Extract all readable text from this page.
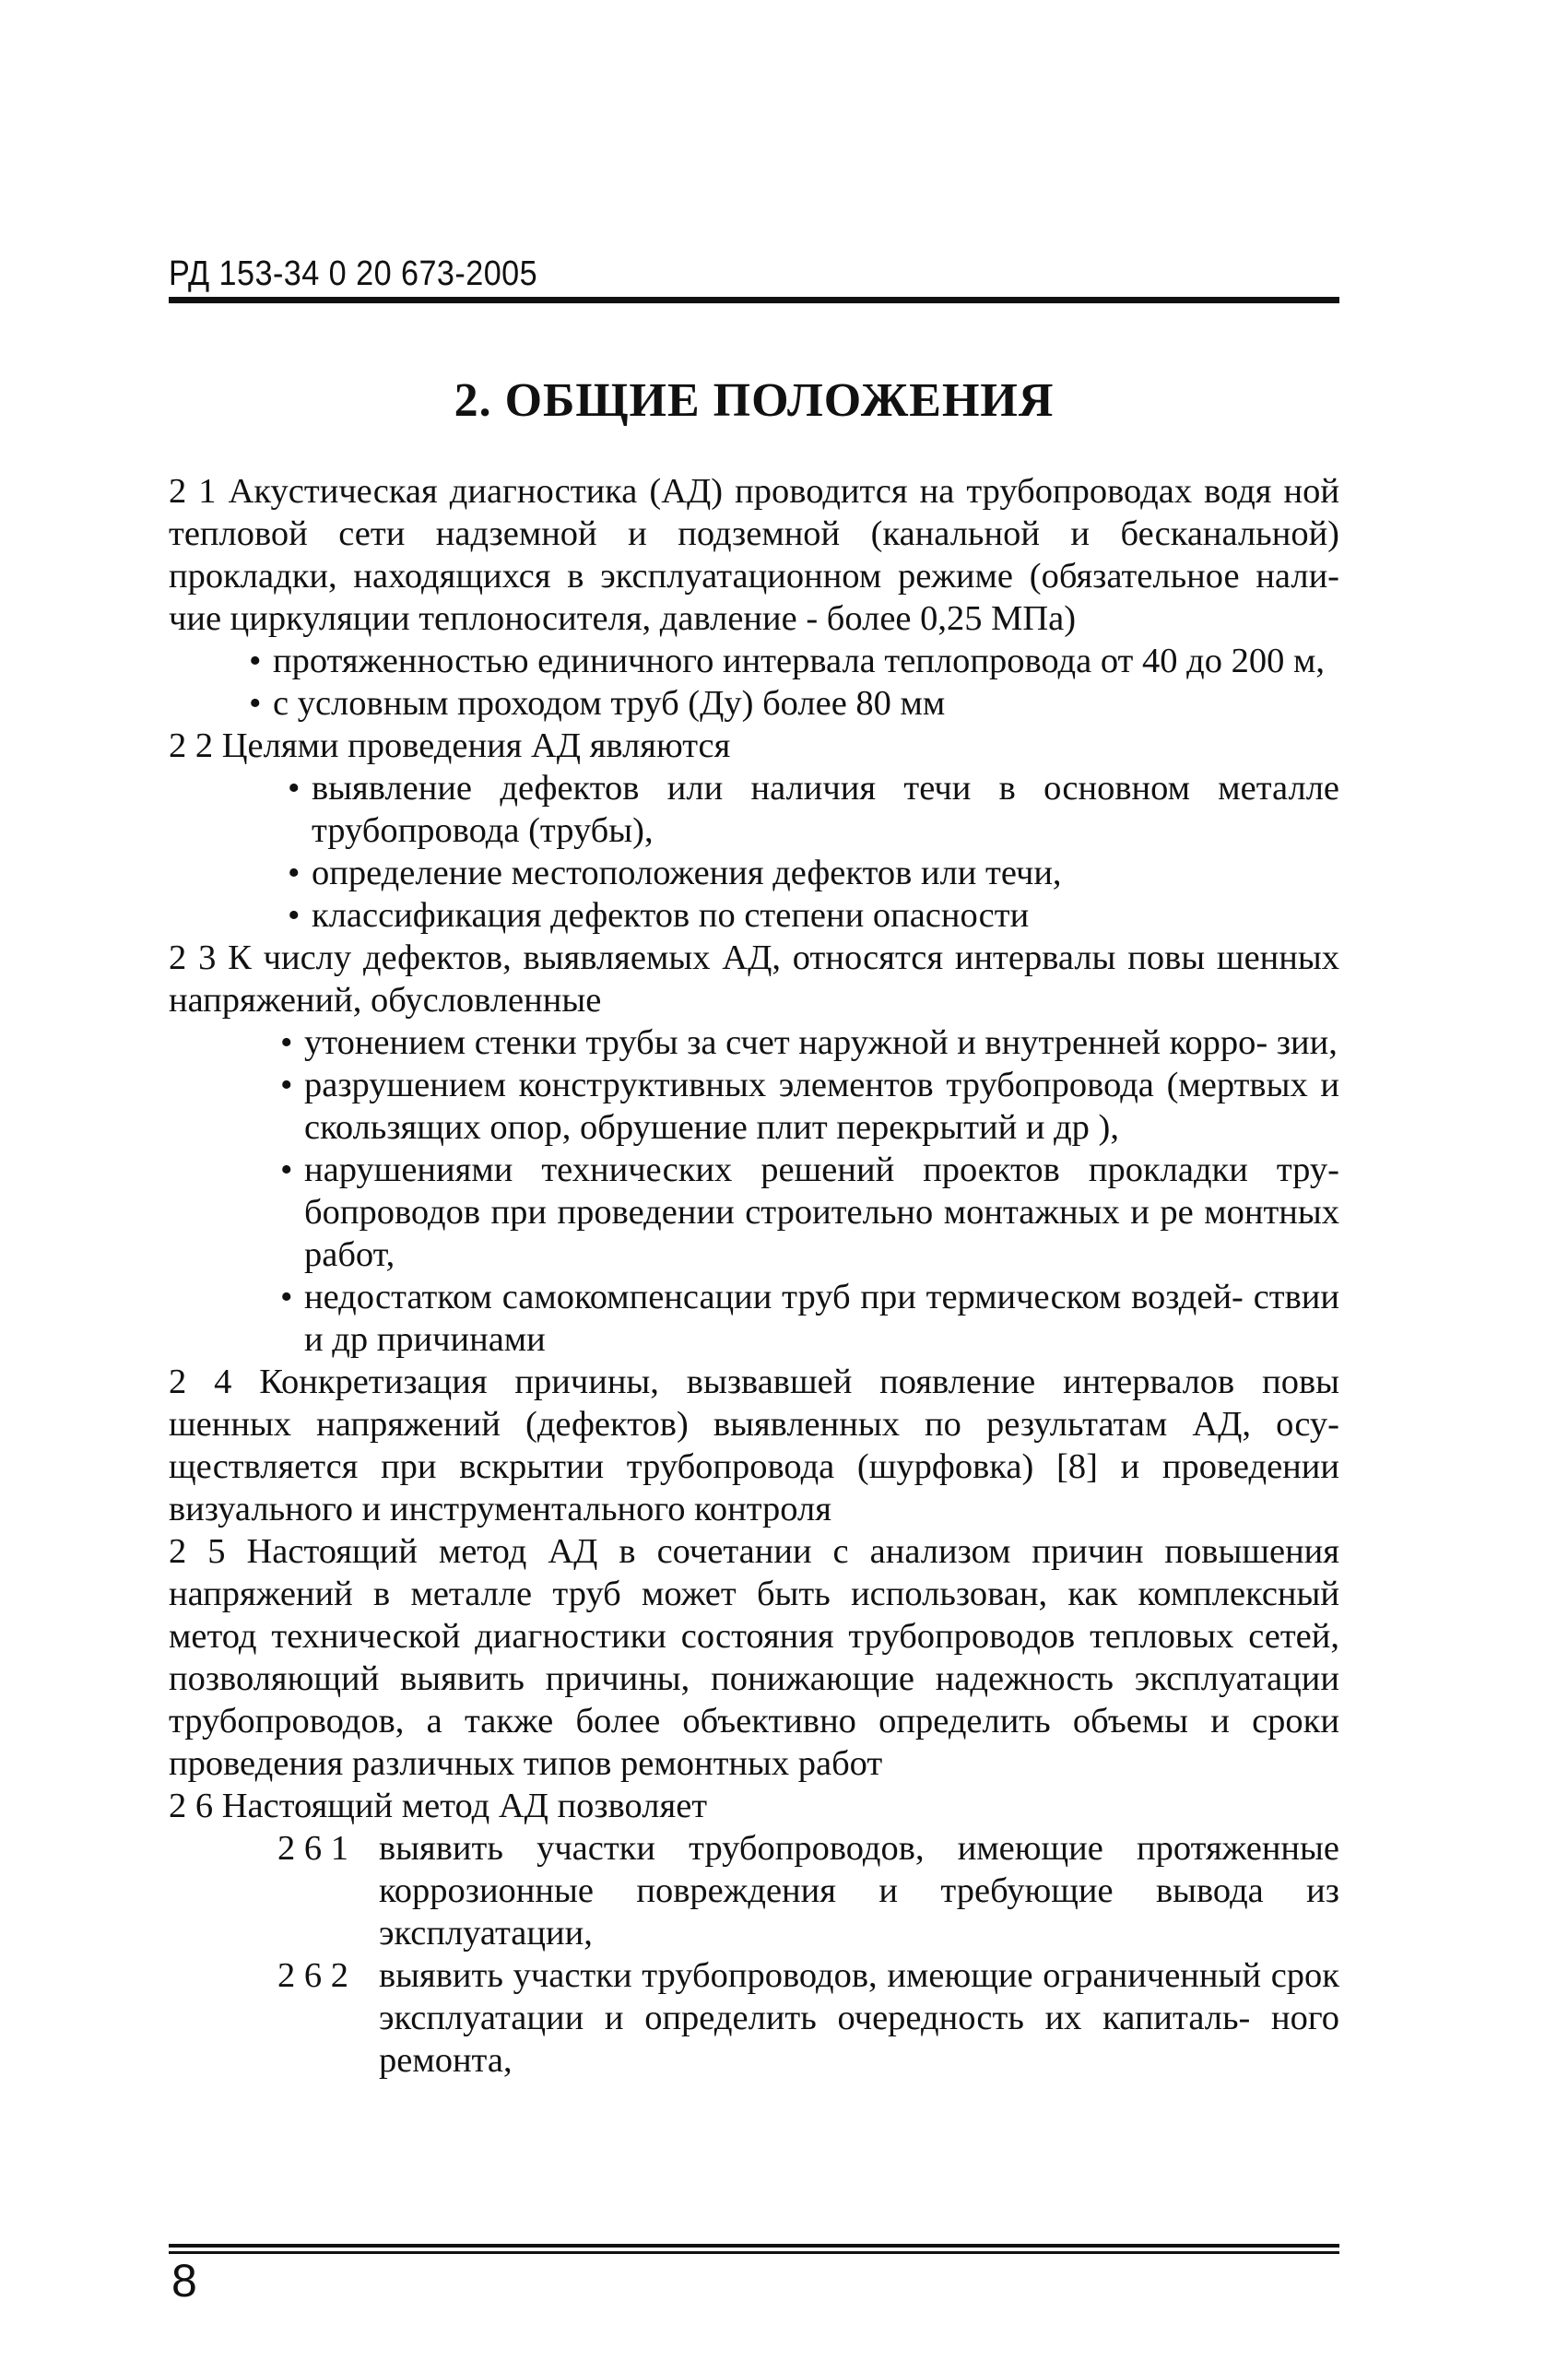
РД 153-34 0 20 673-2005
2. ОБЩИЕ ПОЛОЖЕНИЯ

2 1 Акустическая диагностика (АД) проводится на трубопроводах водя ной тепловой сети надземной и подземной (канальной и бесканальной) прокладки, находящихся в эксплуатационном режиме (обязательное нали- чие циркуляции теплоносителя, давление - более 0,25 МПа)

• протяженностью единичного интервала теплопровода от 40 до 200 м,
• с условным проходом труб (Ду) более 80 мм

2 2 Целями проведения АД являются

• выявление дефектов или наличия течи в основном металле трубопровода (трубы),
• определение местоположения дефектов или течи,
• классификация дефектов по степени опасности

2 3 К числу дефектов, выявляемых АД, относятся интервалы повы шенных напряжений, обусловленные

• утонением стенки трубы за счет наружной и внутренней корро- зии,
• разрушением конструктивных элементов трубопровода (мертвых и скользящих опор, обрушение плит перекрытий и др ),
• нарушениями технических решений проектов прокладки тру- бопроводов при проведении строительно монтажных и ре монтных работ,
• недостатком самокомпенсации труб при термическом воздей- ствии и др причинами

2 4 Конкретизация причины, вызвавшей появление интервалов повы шенных напряжений (дефектов) выявленных по результатам АД, осу- ществляется при вскрытии трубопровода (шурфовка) [8] и проведении визуального и инструментального контроля

2 5 Настоящий метод АД в сочетании с анализом причин повышения напряжений в металле труб может быть использован, как комплексный метод технической диагностики состояния трубопроводов тепловых сетей, позволяющий выявить причины, понижающие надежность эксплуатации трубопроводов, а также более объективно определить объемы и сроки проведения различных типов ремонтных работ

2 6 Настоящий метод АД позволяет

2 6 1 выявить участки трубопроводов, имеющие протяженные коррозионные повреждения и требующие вывода из эксплуатации,
2 6 2 выявить участки трубопроводов, имеющие ограниченный срок эксплуатации и определить очередность их капиталь- ного ремонта,
8
